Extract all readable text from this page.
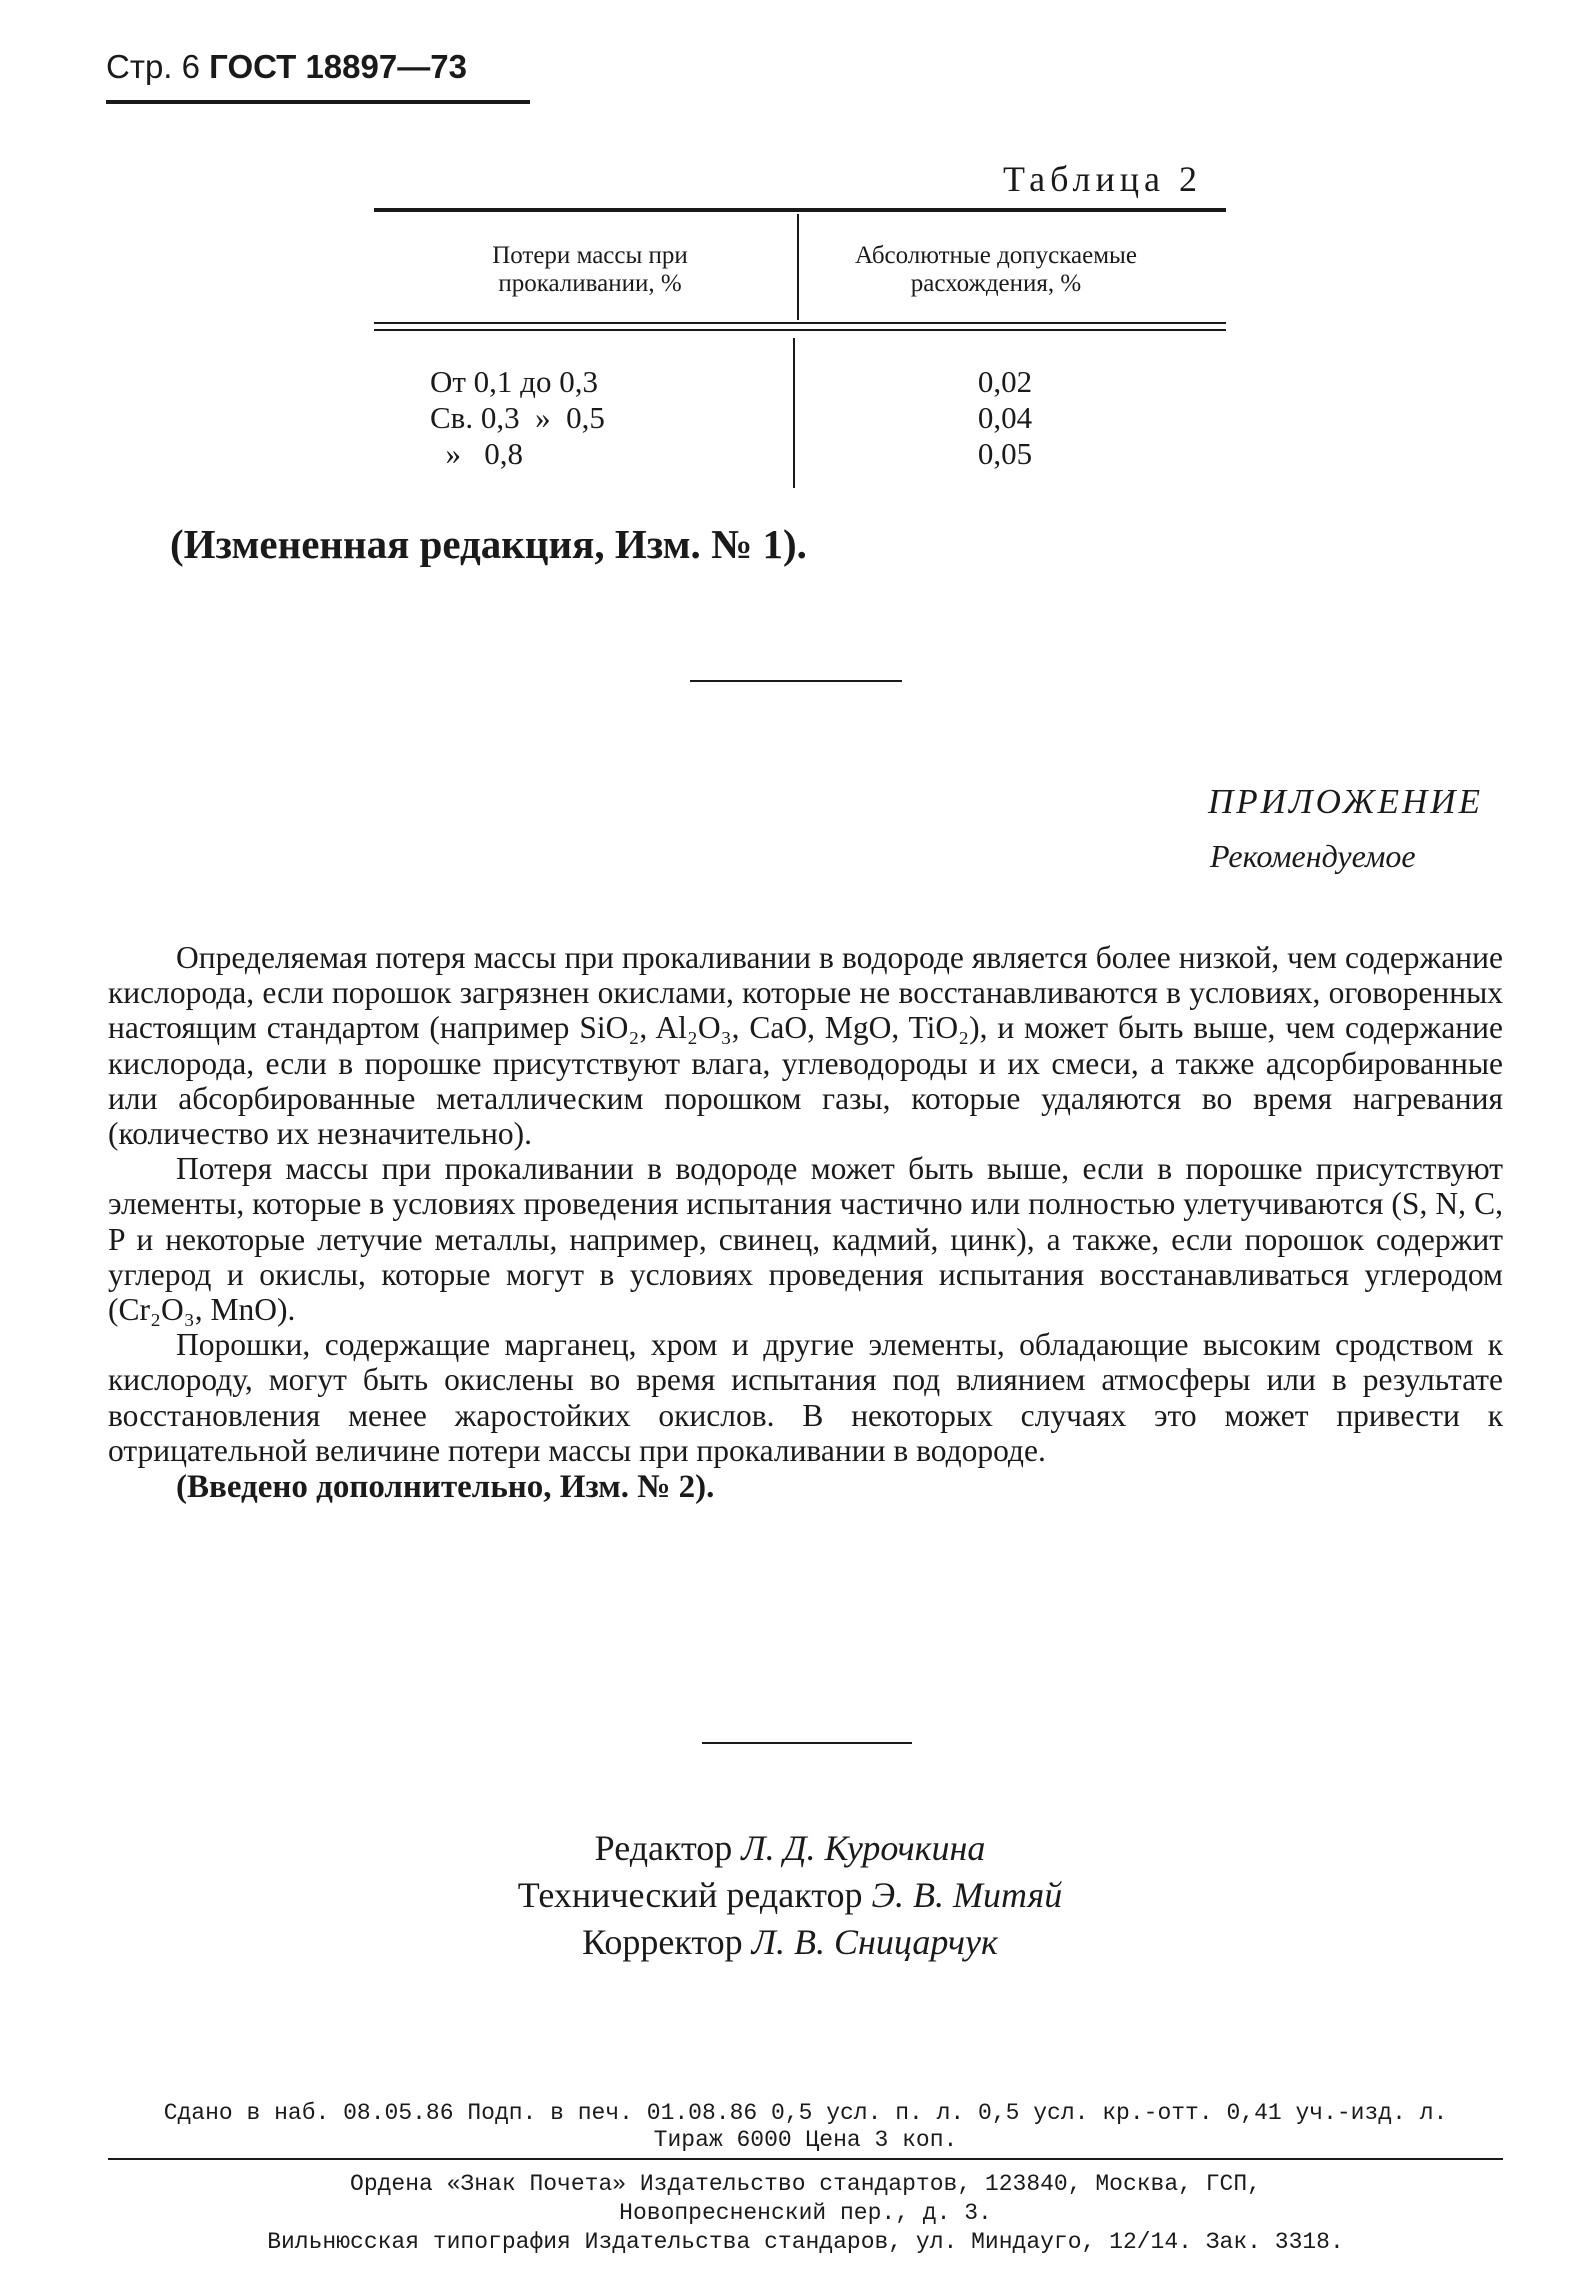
Стр. 6 ГОСТ 18897—73
Таблица 2
Потери массы при прокаливании, %
Абсолютные допускаемые расхождения, %
От 0,1 до 0,3
Св. 0,3  »  0,5
»   0,8
0,02
0,04
0,05
(Измененная редакция, Изм. № 1).
ПРИЛОЖЕНИЕ
Рекомендуемое

Определяемая потеря массы при прокаливании в водороде является более низкой, чем содержание кислорода, если порошок загрязнен окислами, которые не восстанавливаются в условиях, оговоренных настоящим стандартом (например SiO₂, Al₂O₃, CaO, MgO, TiO₂), и может быть выше, чем содержание кислорода, если в порошке присутствуют влага, углеводороды и их смеси, а также адсорбированные или абсорбированные металлическим порошком газы, которые удаляются во время нагревания (количество их незначительно).

Потеря массы при прокаливании в водороде может быть выше, если в порошке присутствуют элементы, которые в условиях проведения испытания частично или полностью улетучиваются (S, N, C, P и некоторые летучие металлы, например, свинец, кадмий, цинк), а также, если порошок содержит углерод и окислы, которые могут в условиях проведения испытания восстанавливаться углеродом (Cr₂O₃, MnO).

Порошки, содержащие марганец, хром и другие элементы, обладающие высоким сродством к кислороду, могут быть окислены во время испытания под влиянием атмосферы или в результате восстановления менее жаростойких окислов. В некоторых случаях это может привести к отрицательной величине потери массы при прокаливании в водороде.

(Введено дополнительно, Изм. № 2).

Редактор Л. Д. Курочкина
Технический редактор Э. В. Митяй
Корректор Л. В. Сницарчук
Сдано в наб. 08.05.86 Подп. в печ. 01.08.86 0,5 усл. п. л. 0,5 усл. кр.-отт. 0,41 уч.-изд. л.
Тираж 6000 Цена 3 коп.
Ордена «Знак Почета» Издательство стандартов, 123840, Москва, ГСП,
Новопресненский пер., д. 3.
Вильнюсская типография Издательства стандаров, ул. Миндауго, 12/14. Зак. 3318.
